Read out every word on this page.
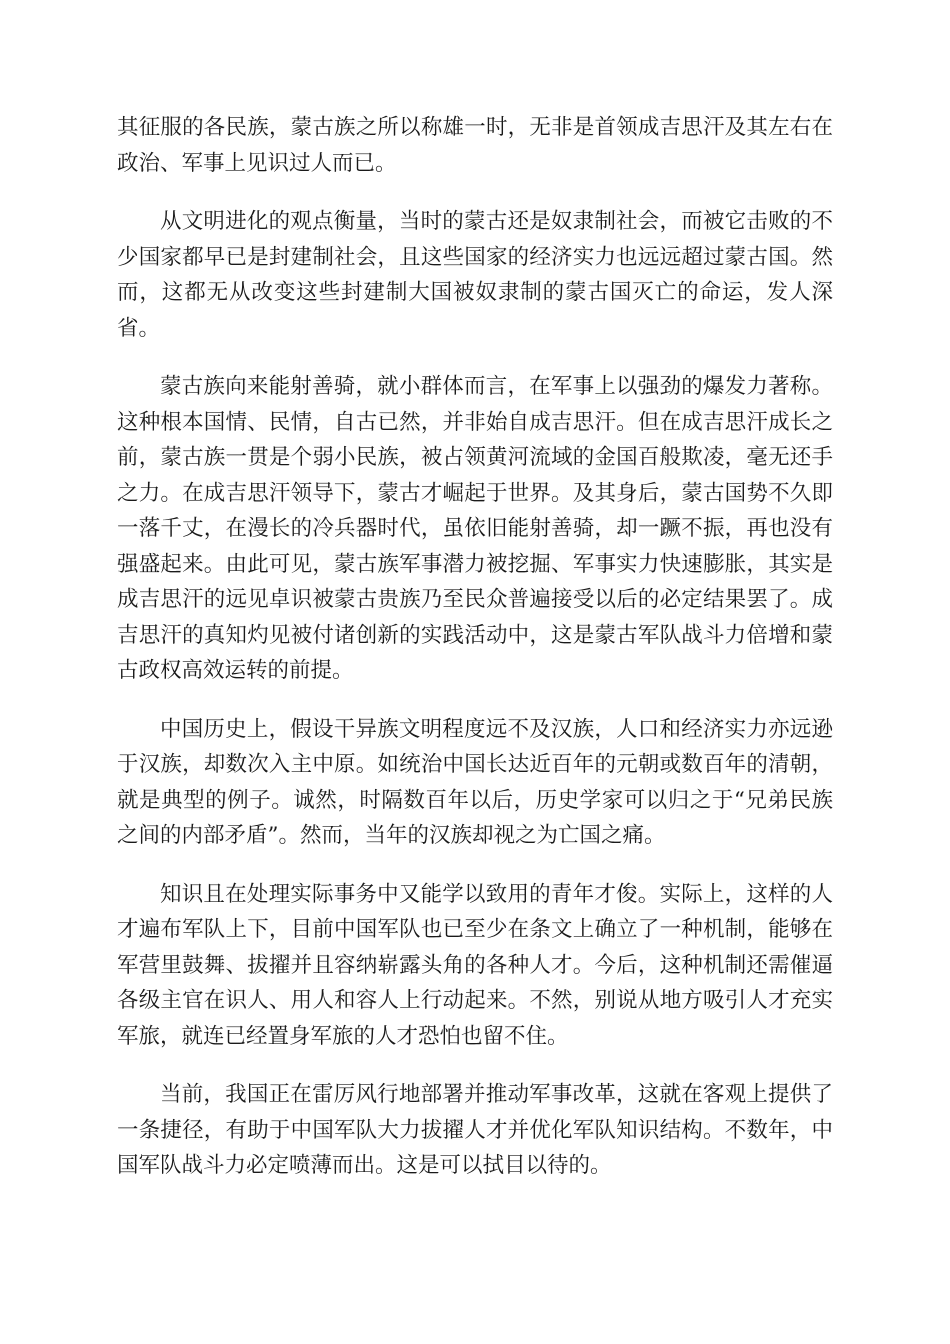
其征服的各民族，蒙古族之所以称雄一时，无非是首领成吉思汗及其左右在政治、军事上见识过人而已。

从文明进化的观点衡量，当时的蒙古还是奴隶制社会，而被它击败的不少国家都早已是封建制社会，且这些国家的经济实力也远远超过蒙古国。然而，这都无从改变这些封建制大国被奴隶制的蒙古国灭亡的命运，发人深省。

蒙古族向来能射善骑，就小群体而言，在军事上以强劲的爆发力著称。这种根本国情、民情，自古已然，并非始自成吉思汗。但在成吉思汗成长之前，蒙古族一贯是个弱小民族，被占领黄河流域的金国百般欺凌，毫无还手之力。在成吉思汗领导下，蒙古才崛起于世界。及其身后，蒙古国势不久即一落千丈，在漫长的冷兵器时代，虽依旧能射善骑，却一蹶不振，再也没有强盛起来。由此可见，蒙古族军事潜力被挖掘、军事实力快速膨胀，其实是成吉思汗的远见卓识被蒙古贵族乃至民众普遍接受以后的必定结果罢了。成吉思汗的真知灼见被付诸创新的实践活动中，这是蒙古军队战斗力倍增和蒙古政权高效运转的前提。

中国历史上，假设干异族文明程度远不及汉族，人口和经济实力亦远逊于汉族，却数次入主中原。如统治中国长达近百年的元朝或数百年的清朝，就是典型的例子。诚然，时隔数百年以后，历史学家可以归之于“兄弟民族之间的内部矛盾”。然而，当年的汉族却视之为亡国之痛。

知识且在处理实际事务中又能学以致用的青年才俊。实际上，这样的人才遍布军队上下，目前中国军队也已至少在条文上确立了一种机制，能够在军营里鼓舞、拔擢并且容纳崭露头角的各种人才。今后，这种机制还需催逼各级主官在识人、用人和容人上行动起来。不然，别说从地方吸引人才充实军旅，就连已经置身军旅的人才恐怕也留不住。

当前，我国正在雷厉风行地部署并推动军事改革，这就在客观上提供了一条捷径，有助于中国军队大力拔擢人才并优化军队知识结构。不数年，中国军队战斗力必定喷薄而出。这是可以拭目以待的。
